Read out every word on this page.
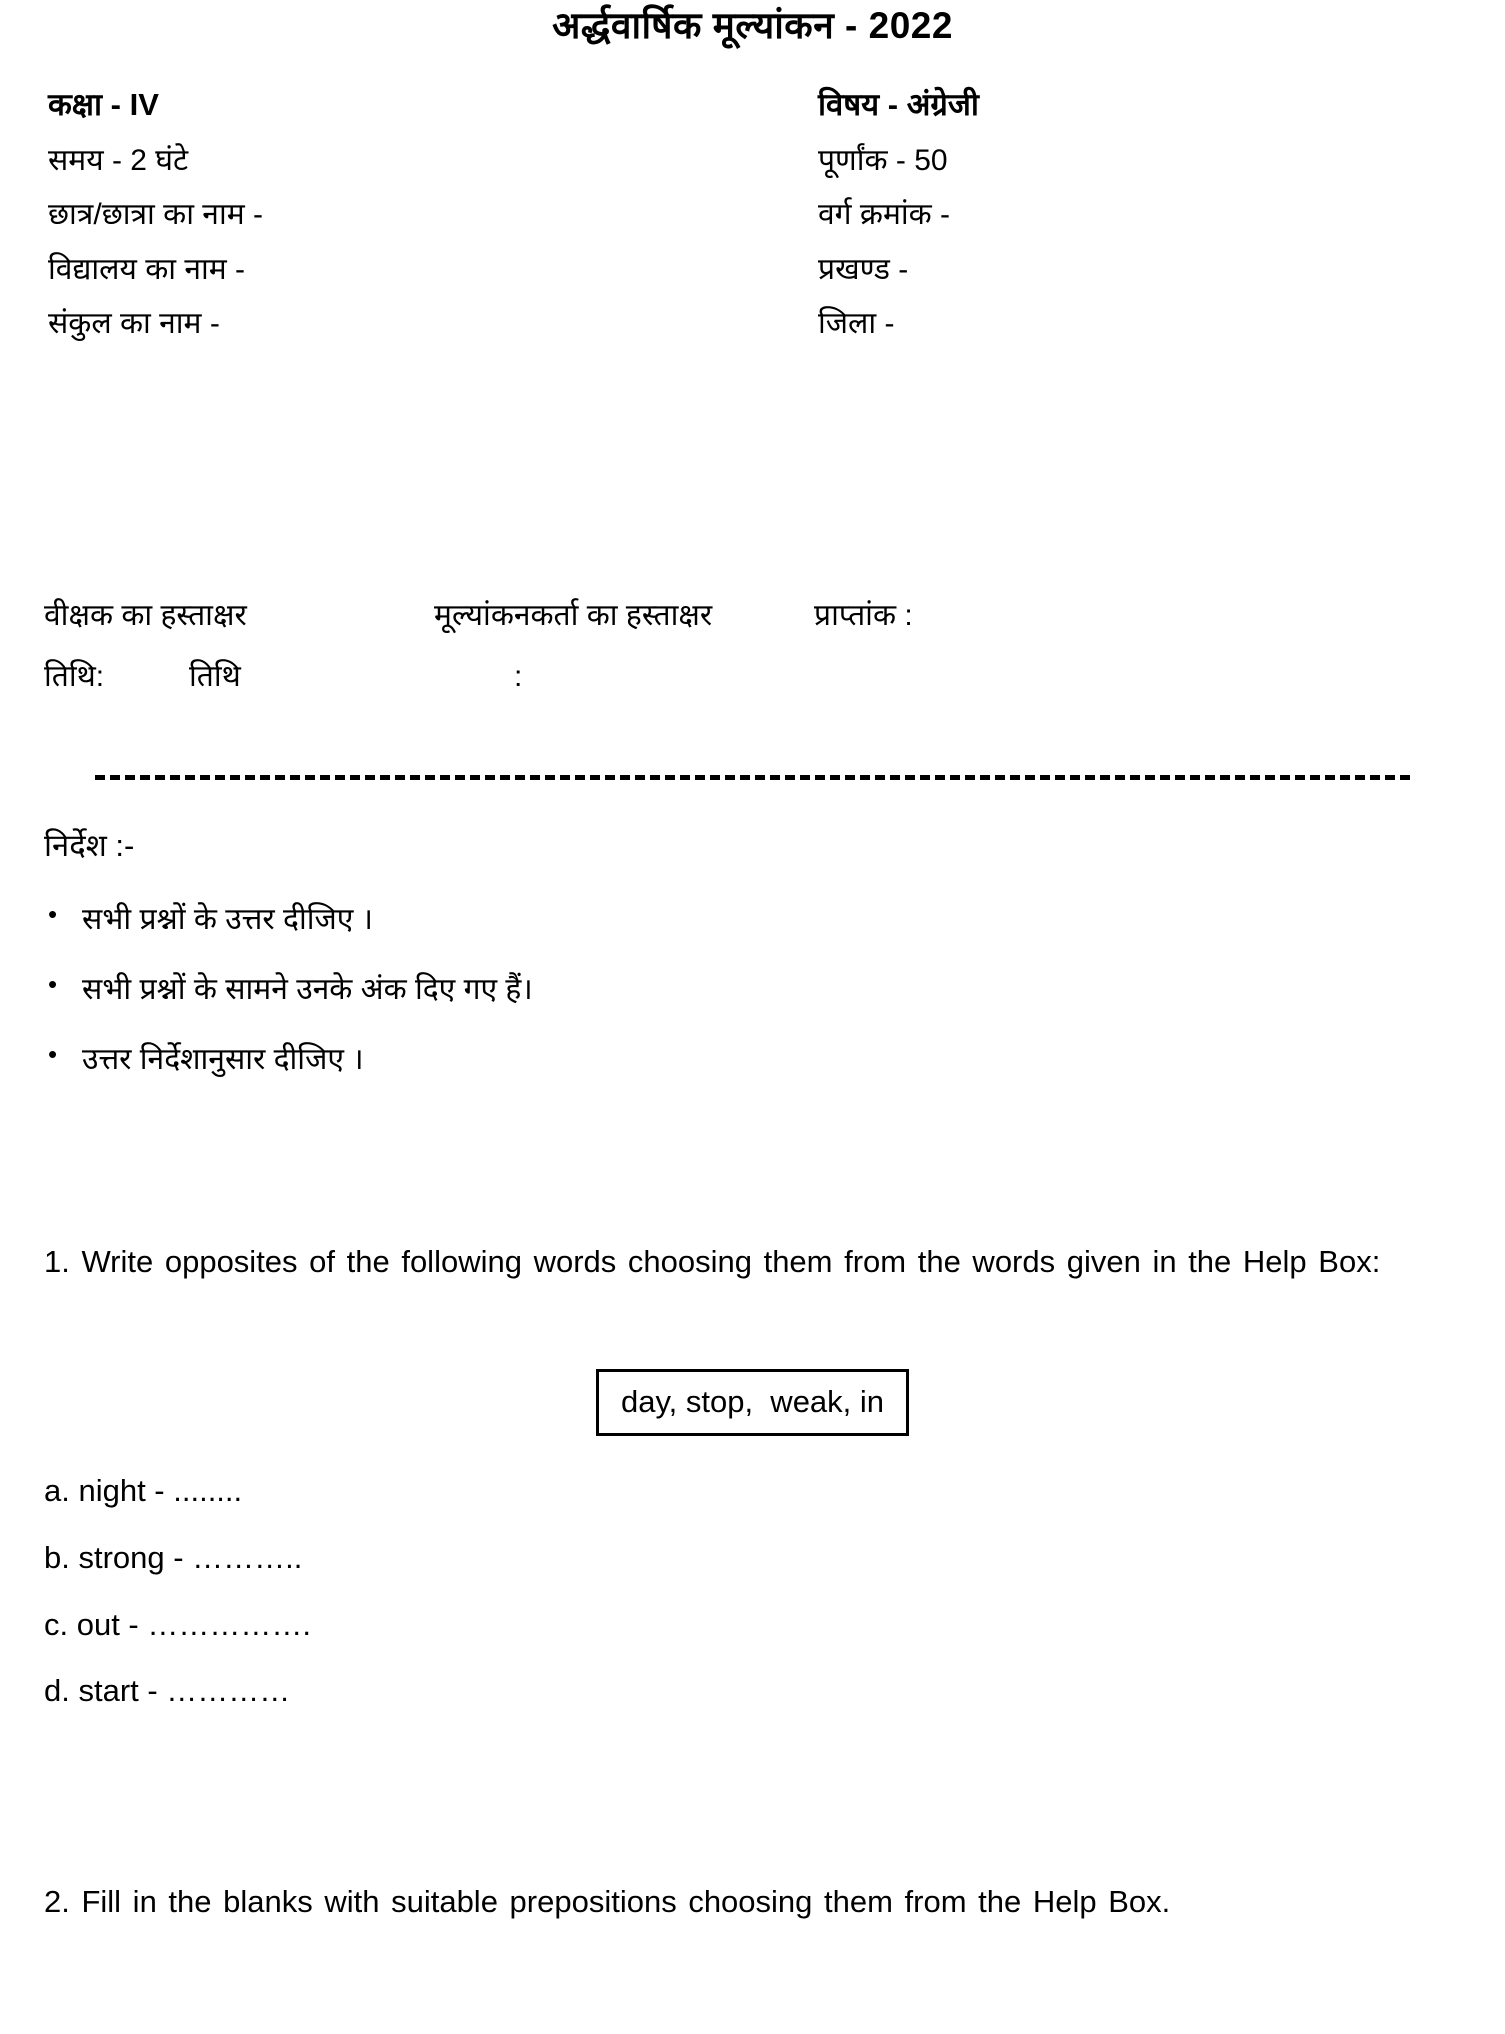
अर्द्धवार्षिक मूल्यांकन - 2022
कक्षा - IV	विषय - अंग्रेजी
समय - 2 घंटे	पूर्णांक - 50
छात्र/छात्रा का नाम -	वर्ग क्रमांक -
विद्यालय का नाम -	प्रखण्ड -
संकुल का नाम -	जिला -
वीक्षक का हस्ताक्षर	मूल्यांकनकर्ता का हस्ताक्षर	प्राप्तांक :
तिथि:	तिथि	:
निर्देश :-
• सभी प्रश्नों के उत्तर दीजिए ।
• सभी प्रश्नों के सामने उनके अंक दिए गए हैं।
• उत्तर निर्देशानुसार दीजिए ।
1. Write opposites of the following words choosing them from the words given in the Help Box:
day, stop,  weak, in
a. night - ........
b. strong - ………..
c. out - …………….
d. start - …………
2. Fill in the blanks with suitable prepositions choosing them from the Help Box.
